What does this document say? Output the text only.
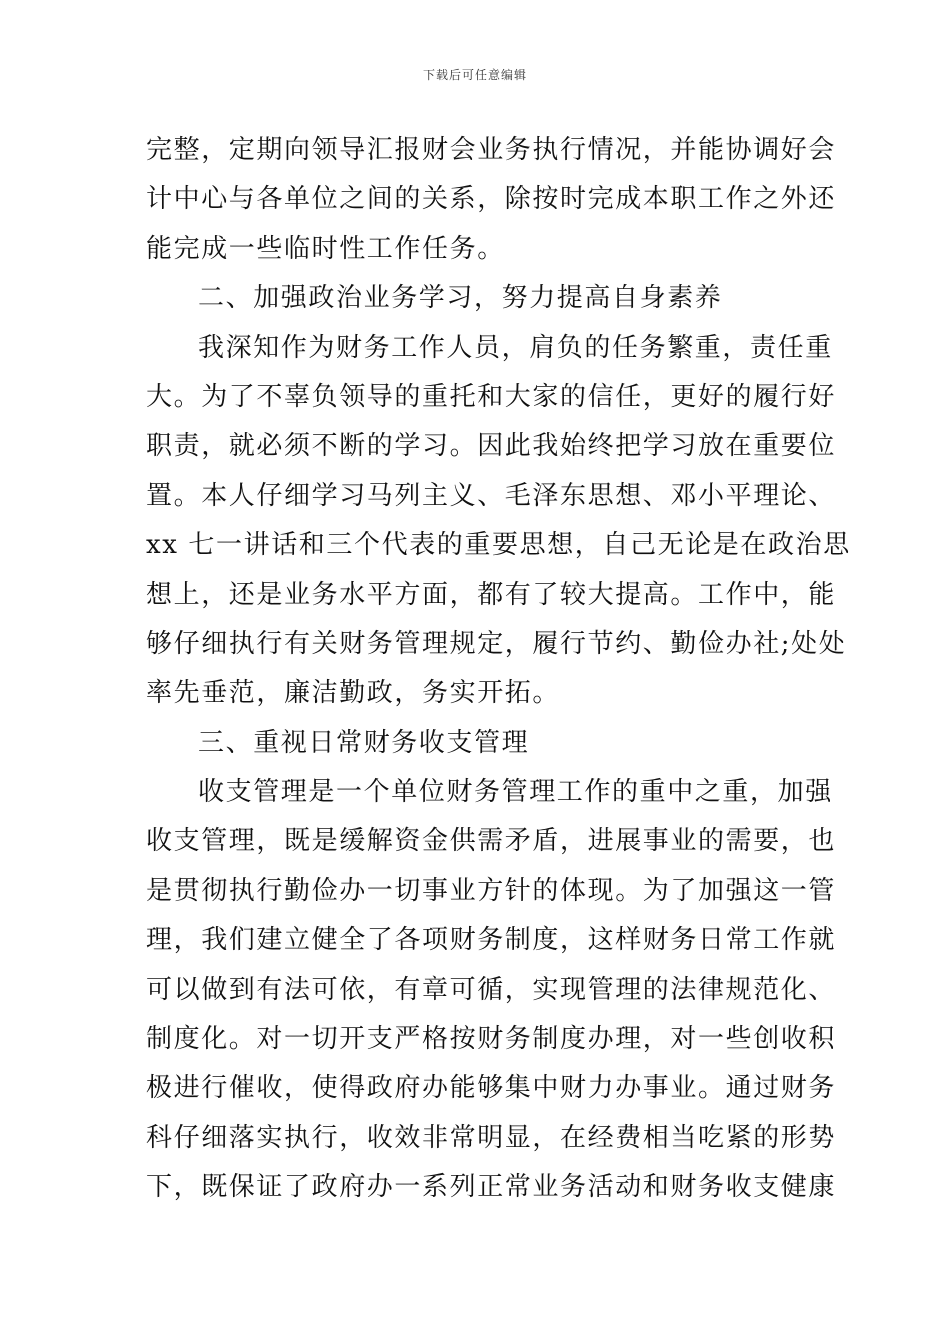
下载后可任意编辑
完整，定期向领导汇报财会业务执行情况，并能协调好会
计中心与各单位之间的关系，除按时完成本职工作之外还
能完成一些临时性工作任务。
二、加强政治业务学习，努力提高自身素养
我深知作为财务工作人员，肩负的任务繁重，责任重
大。为了不辜负领导的重托和大家的信任，更好的履行好
职责，就必须不断的学习。因此我始终把学习放在重要位
置。本人仔细学习马列主义、毛泽东思想、邓小平理论、
xx 七一讲话和三个代表的重要思想，自己无论是在政治思
想上，还是业务水平方面，都有了较大提高。工作中，能
够仔细执行有关财务管理规定，履行节约、勤俭办社;处处
率先垂范，廉洁勤政，务实开拓。
三、重视日常财务收支管理
收支管理是一个单位财务管理工作的重中之重，加强
收支管理，既是缓解资金供需矛盾，进展事业的需要，也
是贯彻执行勤俭办一切事业方针的体现。为了加强这一管
理，我们建立健全了各项财务制度，这样财务日常工作就
可以做到有法可依，有章可循，实现管理的法律规范化、
制度化。对一切开支严格按财务制度办理，对一些创收积
极进行催收，使得政府办能够集中财力办事业。通过财务
科仔细落实执行，收效非常明显，在经费相当吃紧的形势
下，既保证了政府办一系列正常业务活动和财务收支健康
